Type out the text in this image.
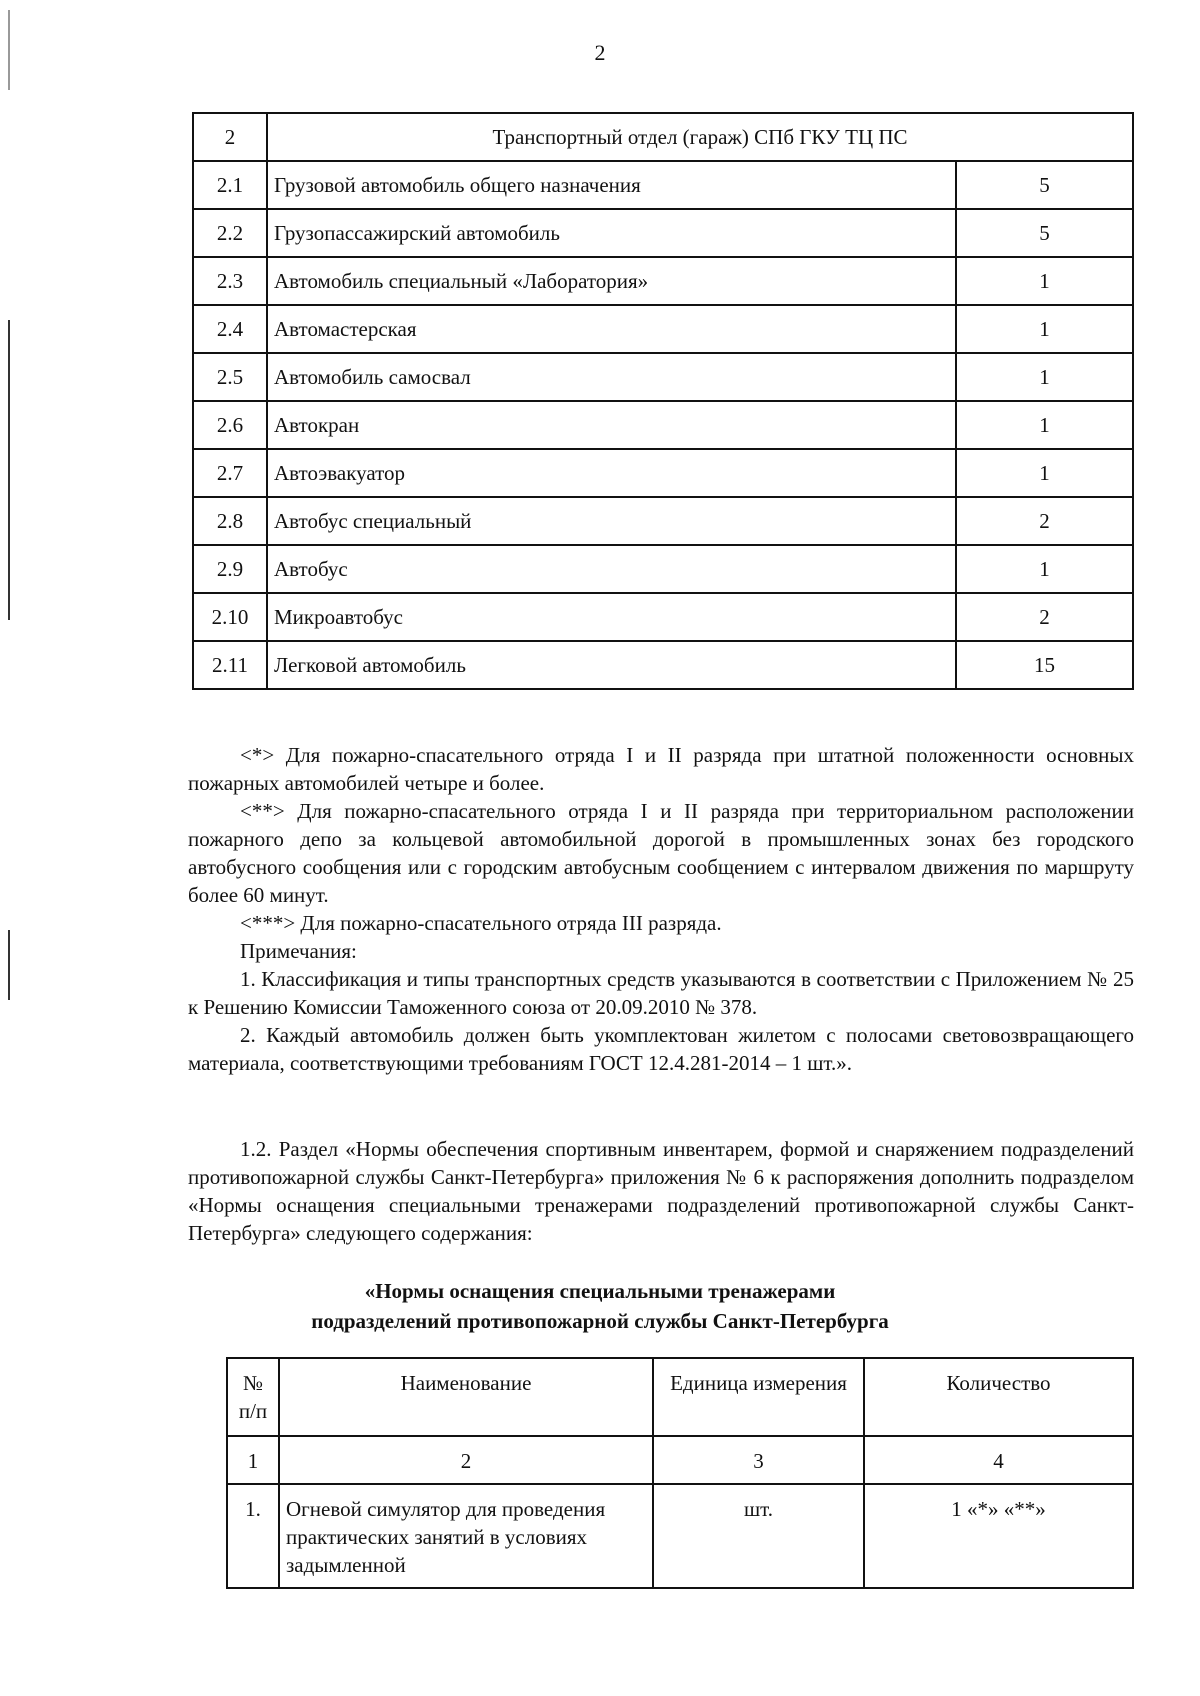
2
2	Транспортный отдел (гараж) СПб ГКУ ТЦ ПС	
2.1	Грузовой автомобиль общего назначения	5
2.2	Грузопассажирский автомобиль	5
2.3	Автомобиль специальный «Лаборатория»	1
2.4	Автомастерская	1
2.5	Автомобиль самосвал	1
2.6	Автокран	1
2.7	Автоэвакуатор	1
2.8	Автобус специальный	2
2.9	Автобус	1
2.10	Микроавтобус	2
2.11	Легковой автомобиль	15
<*> Для пожарно-спасательного отряда I и II разряда при штатной положенности основных пожарных автомобилей четыре и более.
<**> Для пожарно-спасательного отряда I и II разряда при территориальном расположении пожарного депо за кольцевой автомобильной дорогой в промышленных зонах без городского автобусного сообщения или с городским автобусным сообщением с интервалом движения по маршруту более 60 минут.
<***> Для пожарно-спасательного отряда III разряда.
Примечания:
1. Классификация и типы транспортных средств указываются в соответствии с Приложением № 25 к Решению Комиссии Таможенного союза от 20.09.2010 № 378.
2. Каждый автомобиль должен быть укомплектован жилетом с полосами световозвращающего материала, соответствующими требованиям ГОСТ 12.4.281-2014 – 1 шт.».
1.2. Раздел «Нормы обеспечения спортивным инвентарем, формой и снаряжением подразделений противопожарной службы Санкт-Петербурга» приложения № 6 к распоряжения дополнить подразделом «Нормы оснащения специальными тренажерами подразделений противопожарной службы Санкт-Петербурга» следующего содержания:
«Нормы оснащения специальными тренажерами
подразделений противопожарной службы Санкт-Петербурга
№ п/п	Наименование	Единица измерения	Количество
1	2	3	4
1.	Огневой симулятор для проведения практических занятий в условиях задымленной	шт.	1 «*» «**»
